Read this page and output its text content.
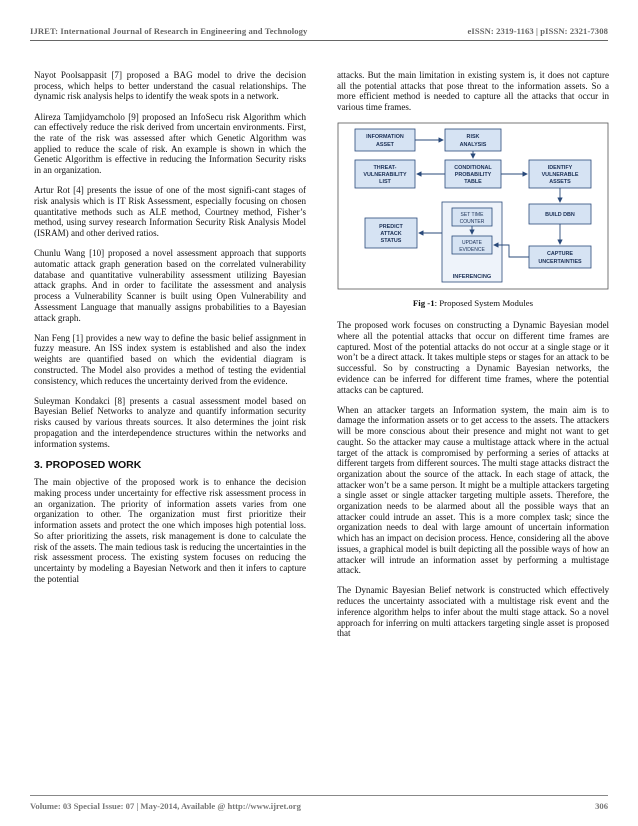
IJRET: International Journal of Research in Engineering and Technology	eISSN: 2319-1163 | pISSN: 2321-7308

Nayot Poolsappasit [7] proposed a BAG model to drive the decision process, which helps to better understand the casual relationships. The dynamic risk analysis helps to identify the weak spots in a network.

Alireza Tamjidyamcholo [9] proposed an InfoSecu risk Algorithm which can effectively reduce the risk derived from uncertain environments. First, the rate of the risk was assessed after which Genetic Algorithm was applied to reduce the scale of risk. An example is shown in which the Genetic Algorithm is effective in reducing the Information Security risks in an organization.

Artur Rot [4] presents the issue of one of the most signifi-cant stages of risk analysis which is IT Risk Assessment, especially focusing on chosen quantitative methods such as ALE method, Courtney method, Fisher’s method, using survey research Information Security Risk Analysis Model (ISRAM) and other derived ratios.

Chunlu Wang [10] proposed a novel assessment approach that supports automatic attack graph generation based on the correlated vulnerability database and quantitative vulnerability assessment utilizing Bayesian attack graphs. And in order to facilitate the assessment and analysis process a Vulnerability Scanner is built using Open Vulnerability and Assessment Language that manually assigns probabilities to a Bayesian attack graph.

Nan Feng [1] provides a new way to define the basic belief assignment in fuzzy measure. An ISS index system is established and also the index weights are quantified based on which the evidential diagram is constructed. The Model also provides a method of testing the evidential consistency, which reduces the uncertainty derived from the evidence.

Suleyman Kondakci [8] presents a casual assessment model based on Bayesian Belief Networks to analyze and quantify information security risks caused by various threats sources. It also determines the joint risk propagation and the interdependence structures within the networks and information systems.

3. PROPOSED WORK

The main objective of the proposed work is to enhance the decision making process under uncertainty for effective risk assessment process in an organization. The priority of information assets varies from one organization to other. The organization must first prioritize their information assets and protect the one which imposes high potential loss. So after prioritizing the assets, risk management is done to calculate the risk of the assets. The main tedious task is reducing the uncertainties in the risk assessment process. The existing system focuses on reducing the uncertainty by modeling a Bayesian Network and then it infers to capture the potential

attacks. But the main limitation in existing system is, it does not capture all the potential attacks that pose threat to the information assets. So a more efficient method is needed to capture all the attacks that occur in various time frames.

INFERENCING
INFORMATION
ASSET
RISK
ANALYSIS
THREAT-
VULNERABILITY
LIST
CONDITIONAL
PROBABILITY
TABLE
IDENTIFY
VULNERABLE
ASSETS
PREDICT
ATTACK
STATUS
SET TIME
COUNTER
UPDATE
EVIDENCE
BUILD DBN
CAPTURE
UNCERTAINTIES
Fig -1: Proposed System Modules

The proposed work focuses on constructing a Dynamic Bayesian model where all the potential attacks that occur on different time frames are captured. Most of the potential attacks do not occur at a single stage or it won’t be a direct attack. It takes multiple steps or stages for an attack to be successful. So by constructing a Dynamic Bayesian networks, the evidence can be inferred for different time frames, where the potential attacks can be captured.

When an attacker targets an Information system, the main aim is to damage the information assets or to get access to the assets. The attackers will be more conscious about their presence and might not want to get caught. So the attacker may cause a multistage attack where in the actual target of the attack is compromised by performing a series of attacks at different targets from different sources. The multi stage attacks distract the organization about the source of the attack. In each stage of attack, the attacker won’t be a same person. It might be a multiple attackers targeting a single asset or single attacker targeting multiple assets. Therefore, the organization needs to be alarmed about all the possible ways that an attacker could intrude an asset. This is a more complex task; since the organization needs to deal with large amount of uncertain information which has an impact on decision process. Hence, considering all the above issues, a graphical model is built depicting all the possible ways of how an attacker will intrude an information asset by performing a multistage attack.

The Dynamic Bayesian Belief network is constructed which effectively reduces the uncertainty associated with a multistage risk event and the inference algorithm helps to infer about the multi stage attack. So a novel approach for inferring on multi attackers targeting single asset is proposed that

Volume: 03 Special Issue: 07 | May-2014, Available @ http://www.ijret.org	306
